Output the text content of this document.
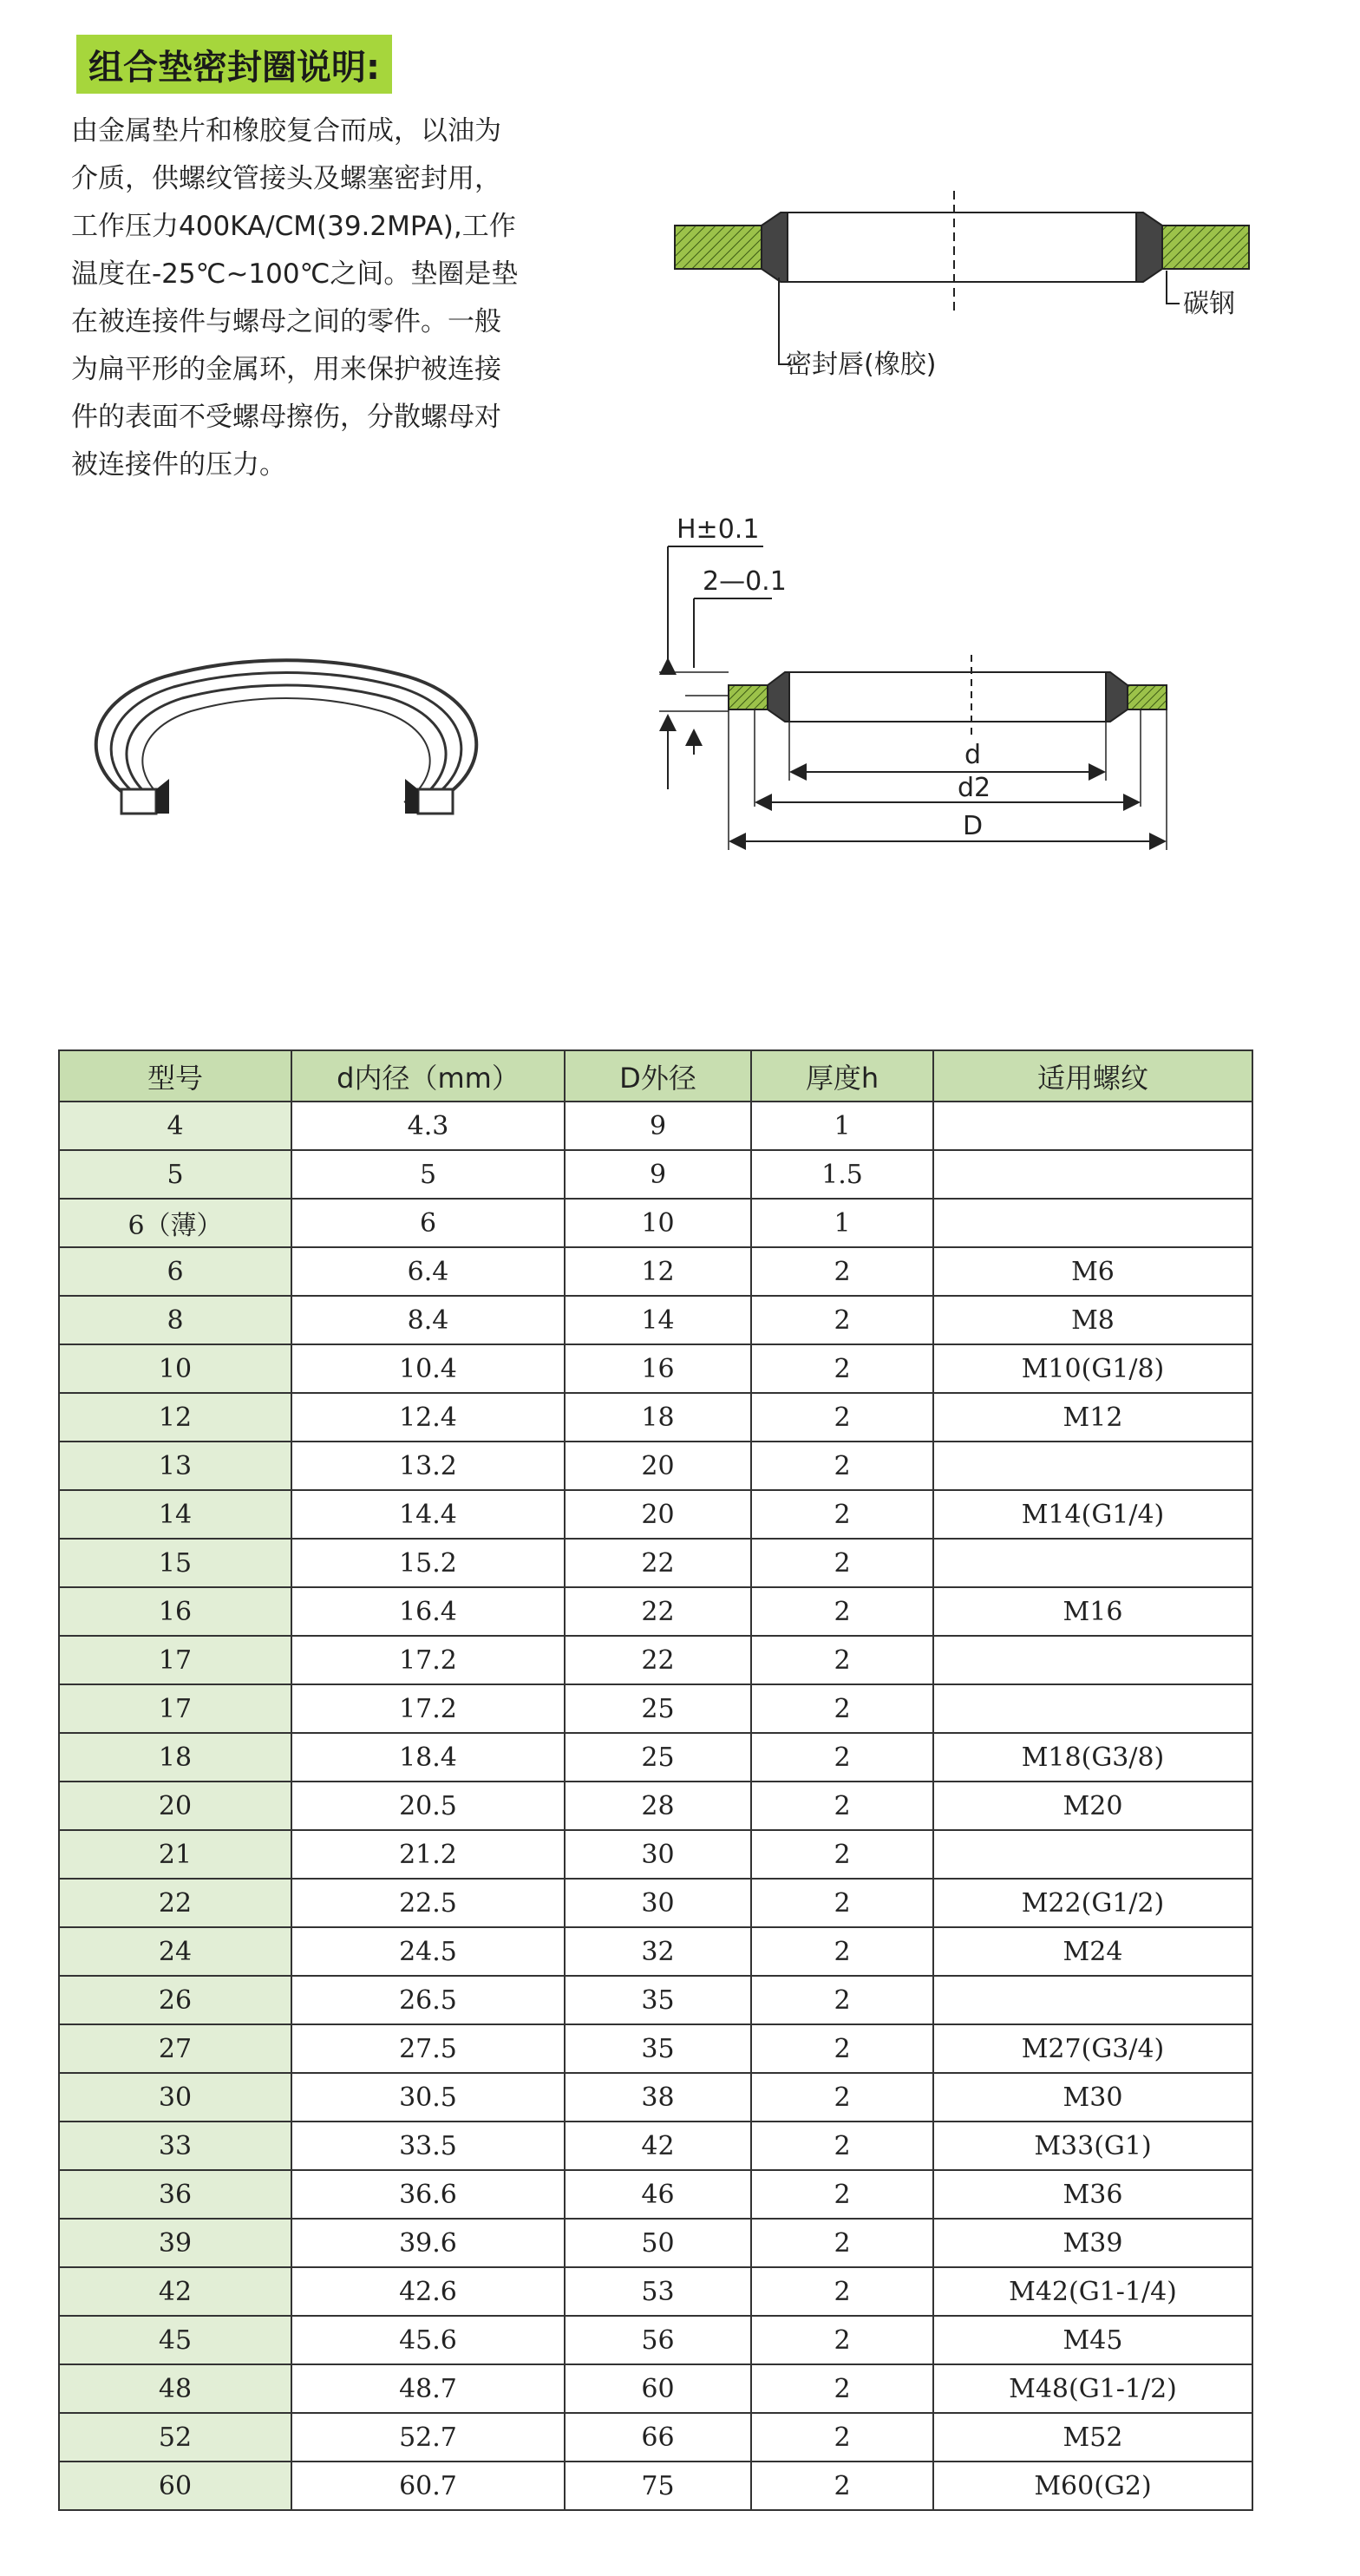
组合垫密封圈说明:
由金属垫片和橡胶复合而成，以油为
介质，供螺纹管接头及螺塞密封用，
工作压力400KA/CM(39.2MPA),工作
温度在-25℃~100℃之间。垫圈是垫
在被连接件与螺母之间的零件。一般
为扁平形的金属环，用来保护被连接
件的表面不受螺母擦伤，分散螺母对
被连接件的压力。
碳钢
密封唇(橡胶)
H±0.1
2—0.1
d
d2
D
型号	d内径（mm）	D外径	厚度h	适用螺纹
4	4.3	9	1	
5	5	9	1.5	
6（薄）	6	10	1	
6	6.4	12	2	M6
8	8.4	14	2	M8
10	10.4	16	2	M10(G1/8)
12	12.4	18	2	M12
13	13.2	20	2	
14	14.4	20	2	M14(G1/4)
15	15.2	22	2	
16	16.4	22	2	M16
17	17.2	22	2	
17	17.2	25	2	
18	18.4	25	2	M18(G3/8)
20	20.5	28	2	M20
21	21.2	30	2	
22	22.5	30	2	M22(G1/2)
24	24.5	32	2	M24
26	26.5	35	2	
27	27.5	35	2	M27(G3/4)
30	30.5	38	2	M30
33	33.5	42	2	M33(G1)
36	36.6	46	2	M36
39	39.6	50	2	M39
42	42.6	53	2	M42(G1-1/4)
45	45.6	56	2	M45
48	48.7	60	2	M48(G1-1/2)
52	52.7	66	2	M52
60	60.7	75	2	M60(G2)
